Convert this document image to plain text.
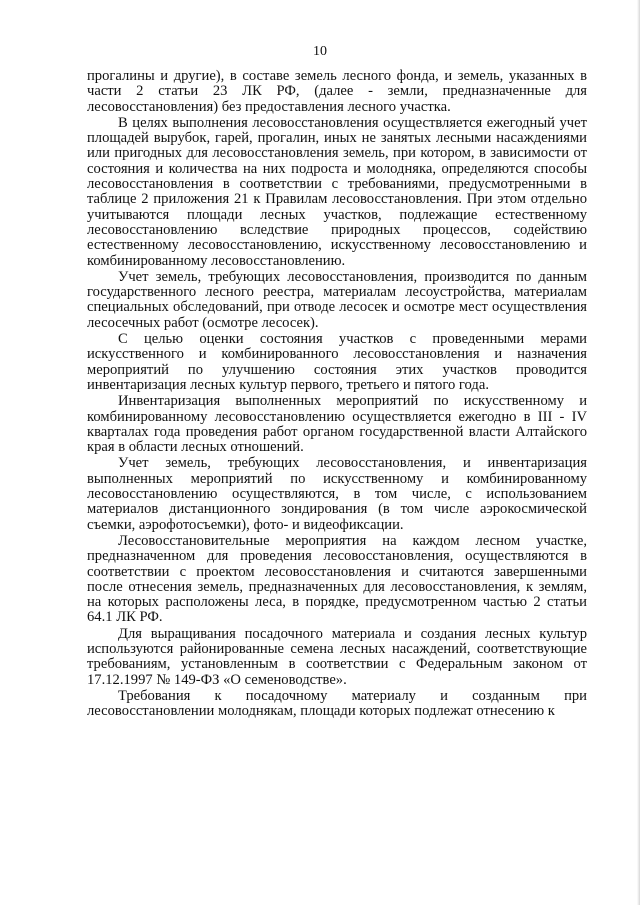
10

прогалины и другие), в составе земель лесного фонда, и земель, указанных в части 2 статьи 23 ЛК РФ, (далее - земли, предназначенные для лесовосстановления) без предоставления лесного участка.

В целях выполнения лесовосстановления осуществляется ежегодный учет площадей вырубок, гарей, прогалин, иных не занятых лесными насаждениями или пригодных для лесовосстановления земель, при котором, в зависимости от состояния и количества на них подроста и молодняка, определяются способы лесовосстановления в соответствии с требованиями, предусмотренными в таблице 2 приложения 21 к Правилам лесовосстановления. При этом отдельно учитываются площади лесных участков, подлежащие естественному лесовосстановлению вследствие природных процессов, содействию естественному лесовосстановлению, искусственному лесовосстановлению и комбинированному лесовосстановлению.

Учет земель, требующих лесовосстановления, производится по данным государственного лесного реестра, материалам лесоустройства, материалам специальных обследований, при отводе лесосек и осмотре мест осуществления лесосечных работ (осмотре лесосек).

С целью оценки состояния участков с проведенными мерами искусственного и комбинированного лесовосстановления и назначения мероприятий по улучшению состояния этих участков проводится инвентаризация лесных культур первого, третьего и пятого года.

Инвентаризация выполненных мероприятий по искусственному и комбинированному лесовосстановлению осуществляется ежегодно в III - IV кварталах года проведения работ органом государственной власти Алтайского края в области лесных отношений.

Учет земель, требующих лесовосстановления, и инвентаризация выполненных мероприятий по искусственному и комбинированному лесовосстановлению осуществляются, в том числе, с использованием материалов дистанционного зондирования (в том числе аэрокосмической съемки, аэрофотосъемки), фото- и видеофиксации.

Лесовосстановительные мероприятия на каждом лесном участке, предназначенном для проведения лесовосстановления, осуществляются в соответствии с проектом лесовосстановления и считаются завершенными после отнесения земель, предназначенных для лесовосстановления, к землям, на которых расположены леса, в порядке, предусмотренном частью 2 статьи 64.1 ЛК РФ.

Для выращивания посадочного материала и создания лесных культур используются районированные семена лесных насаждений, соответствующие требованиям, установленным в соответствии с Федеральным законом от 17.12.1997 № 149-ФЗ «О семеноводстве».

Требования к посадочному материалу и созданным при лесовосстановлении молоднякам, площади которых подлежат отнесению к
